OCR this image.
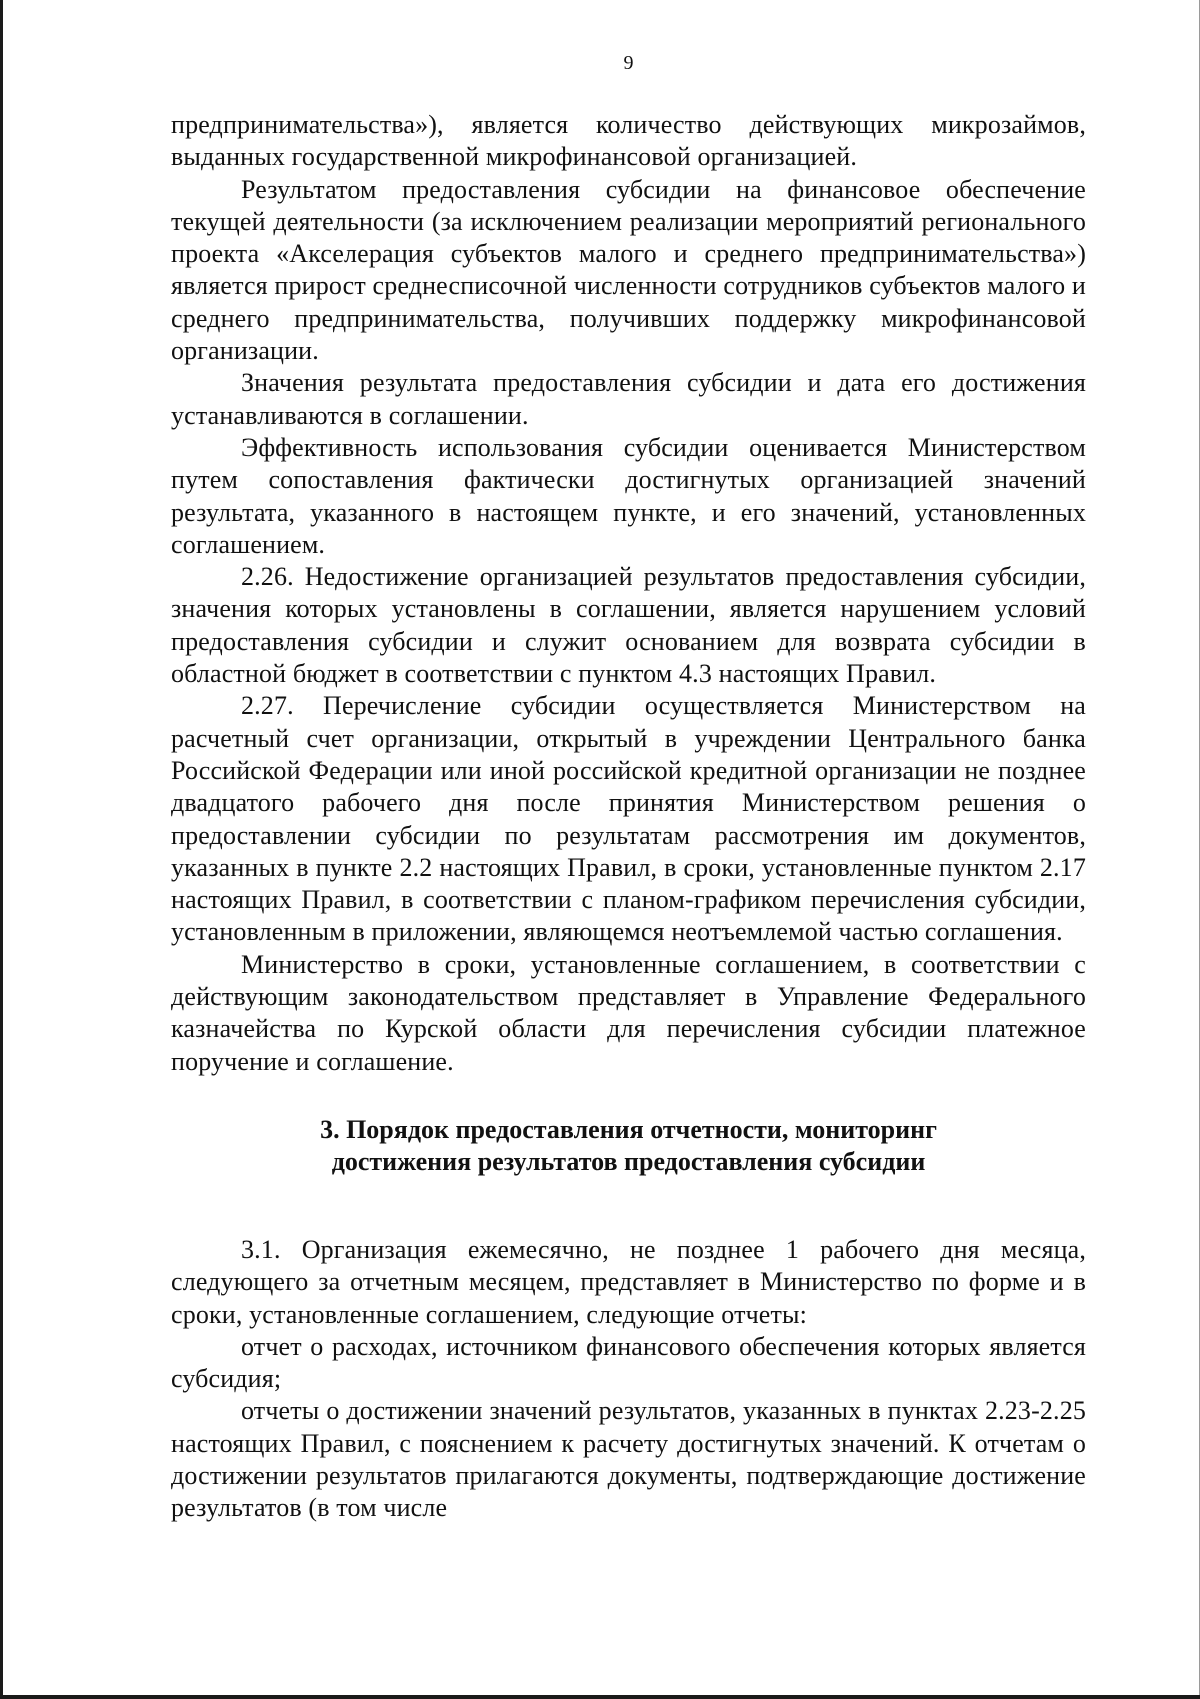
9

предпринимательства»), является количество действующих микрозаймов, выданных государственной микрофинансовой организацией.

Результатом предоставления субсидии на финансовое обеспечение текущей деятельности (за исключением реализации мероприятий регионального проекта «Акселерация субъектов малого и среднего предпринимательства») является прирост среднесписочной численности сотрудников субъектов малого и среднего предпринимательства, получивших поддержку микрофинансовой организации.

Значения результата предоставления субсидии и дата его достижения устанавливаются в соглашении.

Эффективность использования субсидии оценивается Министерством путем сопоставления фактически достигнутых организацией значений результата, указанного в настоящем пункте, и его значений, установленных соглашением.

2.26. Недостижение организацией результатов предоставления субсидии, значения которых установлены в соглашении, является нарушением условий предоставления субсидии и служит основанием для возврата субсидии в областной бюджет в соответствии с пунктом 4.3 настоящих Правил.

2.27. Перечисление субсидии осуществляется Министерством на расчетный счет организации, открытый в учреждении Центрального банка Российской Федерации или иной российской кредитной организации не позднее двадцатого рабочего дня после принятия Министерством решения о предоставлении субсидии по результатам рассмотрения им документов, указанных в пункте 2.2 настоящих Правил, в сроки, установленные пунктом 2.17 настоящих Правил, в соответствии с планом-графиком перечисления субсидии, установленным в приложении, являющемся неотъемлемой частью соглашения.

Министерство в сроки, установленные соглашением, в соответствии с действующим законодательством представляет в Управление Федерального казначейства по Курской области для перечисления субсидии платежное поручение и соглашение.

3. Порядок предоставления отчетности, мониторинг
достижения результатов предоставления субсидии

3.1. Организация ежемесячно, не позднее 1 рабочего дня месяца, следующего за отчетным месяцем, представляет в Министерство по форме и в сроки, установленные соглашением, следующие отчеты:

отчет о расходах, источником финансового обеспечения которых является субсидия;

отчеты о достижении значений результатов, указанных в пунктах 2.23-2.25 настоящих Правил, с пояснением к расчету достигнутых значений. К отчетам о достижении результатов прилагаются документы, подтверждающие достижение результатов (в том числе
